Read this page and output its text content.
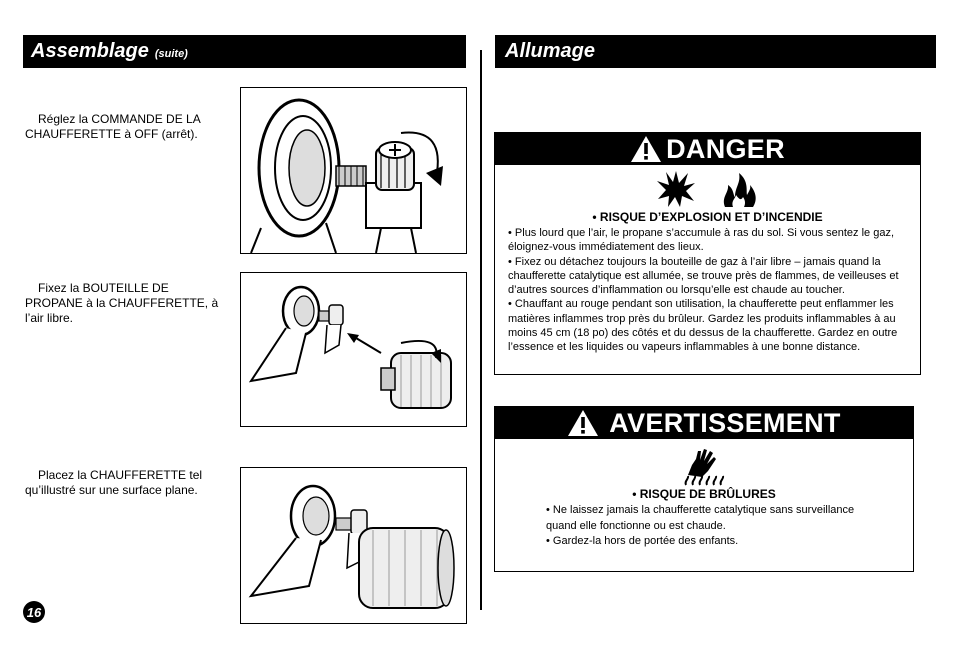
Assemblage (suite)
Réglez la COMMANDE DE LA CHAUFFERETTE à OFF (arrêt).
Fixez la BOUTEILLE DE PROPANE à la CHAUFFERETTE, à l’air libre.
Placez la CHAUFFERETTE tel qu’illustré sur une surface plane.
Allumage
DANGER

• RISQUE D’EXPLOSION ET D’INCENDIE

• Plus lourd que l’air, le propane s’accumule à ras du sol. Si vous sentez le gaz, éloignez-vous immédiatement des lieux.

• Fixez ou détachez toujours la bouteille de gaz à l’air libre – jamais quand la chaufferette catalytique est allumée, se trouve près de flammes, de veilleuses et d’autres sources d’inflammation ou lorsqu’elle est chaude au toucher.

• Chauffant au rouge pendant son utilisation, la chaufferette peut enflammer les matières inflammes trop près du brûleur. Gardez les produits inflammables à au moins 45 cm (18 po) des côtés et du dessus de la chaufferette. Gardez en outre l’essence et les liquides ou vapeurs inflammables à une bonne distance.

AVERTISSEMENT
• RISQUE DE BRÛLURES

• Ne laissez jamais la chaufferette catalytique sans surveillance quand elle fonctionne ou est chaude.

• Gardez-la hors de portée des enfants.

16
